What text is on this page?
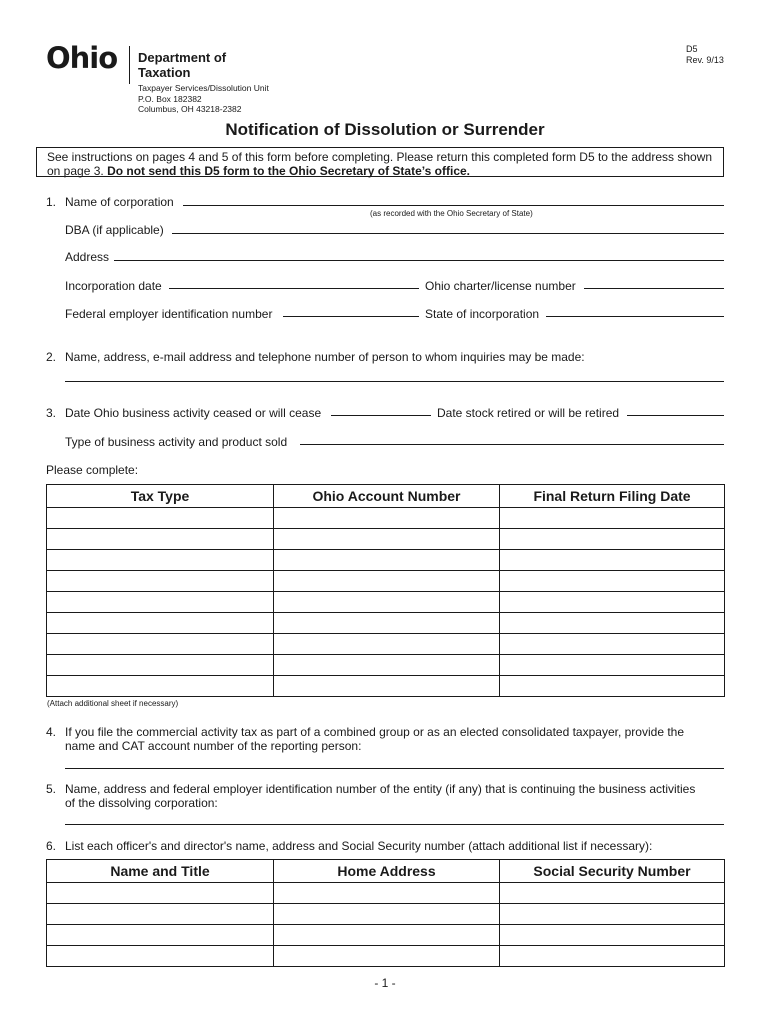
Ohio Department of
Taxation
Taxpayer Services/Dissolution Unit
P.O. Box 182382
Columbus, OH 43218-2382
D5
Rev. 9/13
Notification of Dissolution or Surrender
See instructions on pages 4 and 5 of this form before completing. Please return this completed form D5 to the address shown on page 3. Do not send this D5 form to the Ohio Secretary of State’s office.
1. Name of corporation
(as recorded with the Ohio Secretary of State)
DBA (if applicable)
Address
Incorporation date	Ohio charter/license number
Federal employer identification number	State of incorporation
2. Name, address, e-mail address and telephone number of person to whom inquiries may be made:
3. Date Ohio business activity ceased or will cease	Date stock retired or will be retired
Type of business activity and product sold
Please complete:
Tax Type	Ohio Account Number	Final Return Filing Date

(Attach additional sheet if necessary)
4. If you file the commercial activity tax as part of a combined group or as an elected consolidated taxpayer, provide the
name and CAT account number of the reporting person:
5. Name, address and federal employer identification number of the entity (if any) that is continuing the business activities
of the dissolving corporation:
6. List each officer's and director's name, address and Social Security number (attach additional list if necessary):
Name and Title	Home Address	Social Security Number

- 1 -
